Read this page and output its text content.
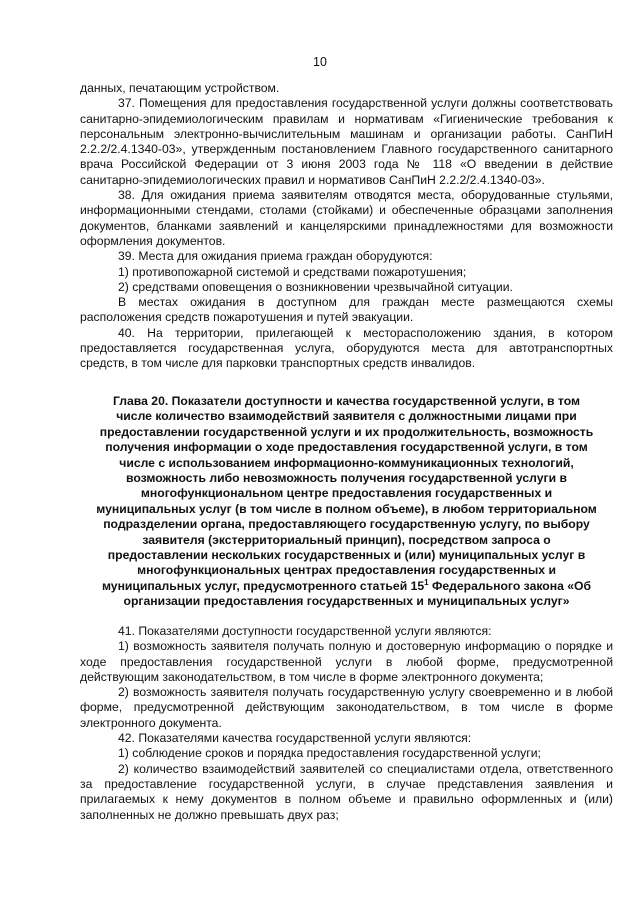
10

данных, печатающим устройством.

37. Помещения для предоставления государственной услуги должны соответствовать санитарно-эпидемиологическим правилам и нормативам «Гигиенические требования к персональным электронно-вычислительным машинам и организации работы. СанПиН 2.2.2/2.4.1340-03», утвержденным постановлением Главного государственного санитарного врача Российской Федерации от 3 июня 2003 года № 118 «О введении в действие санитарно-эпидемиологических правил и нормативов СанПиН 2.2.2/2.4.1340-03».

38. Для ожидания приема заявителям отводятся места, оборудованные стульями, информационными стендами, столами (стойками) и обеспеченные образцами заполнения документов, бланками заявлений и канцелярскими принадлежностями для возможности оформления документов.

39. Места для ожидания приема граждан оборудуются:

1) противопожарной системой и средствами пожаротушения;

2) средствами оповещения о возникновении чрезвычайной ситуации.

В местах ожидания в доступном для граждан месте размещаются схемы расположения средств пожаротушения и путей эвакуации.

40. На территории, прилегающей к месторасположению здания, в котором предоставляется государственная услуга, оборудуются места для автотранспортных средств, в том числе для парковки транспортных средств инвалидов.

Глава 20. Показатели доступности и качества государственной услуги, в том
числе количество взаимодействий заявителя с должностными лицами при
предоставлении государственной услуги и их продолжительность, возможность
получения информации о ходе предоставления государственной услуги, в том
числе с использованием информационно-коммуникационных технологий,
возможность либо невозможность получения государственной услуги в
многофункциональном центре предоставления государственных и
муниципальных услуг (в том числе в полном объеме), в любом территориальном
подразделении органа, предоставляющего государственную услугу, по выбору
заявителя (экстерриториальный принцип), посредством запроса о
предоставлении нескольких государственных и (или) муниципальных услуг в
многофункциональных центрах предоставления государственных и
муниципальных услуг, предусмотренного статьей $15^1$ Федерального закона «Об
организации предоставления государственных и муниципальных услуг»

41. Показателями доступности государственной услуги являются:

1) возможность заявителя получать полную и достоверную информацию о порядке и ходе предоставления государственной услуги в любой форме, предусмотренной действующим законодательством, в том числе в форме электронного документа;

2) возможность заявителя получать государственную услугу своевременно и в любой форме, предусмотренной действующим законодательством, в том числе в форме электронного документа.

42. Показателями качества государственной услуги являются:

1) соблюдение сроков и порядка предоставления государственной услуги;

2) количество взаимодействий заявителей со специалистами отдела, ответственного за предоставление государственной услуги, в случае представления заявления и прилагаемых к нему документов в полном объеме и правильно оформленных и (или) заполненных не должно превышать двух раз;
